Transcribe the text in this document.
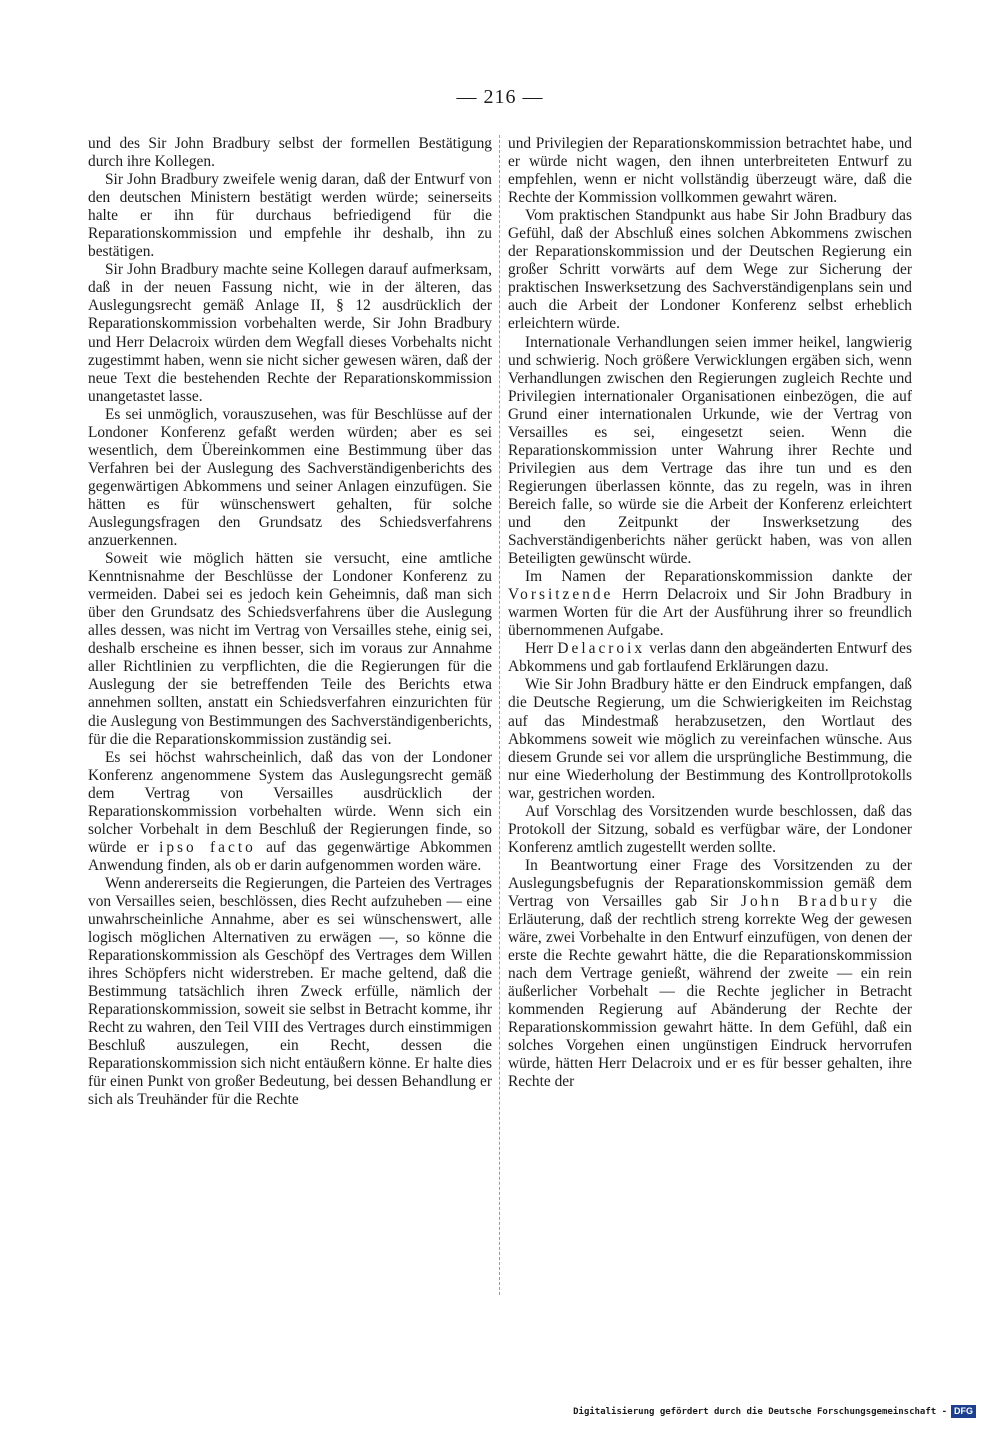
— 216 —

und des Sir John Bradbury selbst der formellen Bestätigung durch ihre Kollegen.

Sir John Bradbury zweifele wenig daran, daß der Entwurf von den deutschen Ministern bestätigt werden würde; seinerseits halte er ihn für durchaus befriedigend für die Reparationskommission und empfehle ihr deshalb, ihn zu bestätigen.

Sir John Bradbury machte seine Kollegen darauf aufmerksam, daß in der neuen Fassung nicht, wie in der älteren, das Auslegungsrecht gemäß Anlage II, § 12 ausdrücklich der Reparationskommission vorbehalten werde, Sir John Bradbury und Herr Delacroix würden dem Wegfall dieses Vorbehalts nicht zugestimmt haben, wenn sie nicht sicher gewesen wären, daß der neue Text die bestehenden Rechte der Reparationskommission unangetastet lasse.

Es sei unmöglich, vorauszusehen, was für Beschlüsse auf der Londoner Konferenz gefaßt werden würden; aber es sei wesentlich, dem Übereinkommen eine Bestimmung über das Verfahren bei der Auslegung des Sachverständigenberichts des gegenwärtigen Abkommens und seiner Anlagen einzufügen. Sie hätten es für wünschenswert gehalten, für solche Auslegungsfragen den Grundsatz des Schiedsverfahrens anzuerkennen.

Soweit wie möglich hätten sie versucht, eine amtliche Kenntnisnahme der Beschlüsse der Londoner Konferenz zu vermeiden. Dabei sei es jedoch kein Geheimnis, daß man sich über den Grundsatz des Schiedsverfahrens über die Auslegung alles dessen, was nicht im Vertrag von Versailles stehe, einig sei, deshalb erscheine es ihnen besser, sich im voraus zur Annahme aller Richtlinien zu verpflichten, die die Regierungen für die Auslegung der sie betreffenden Teile des Berichts etwa annehmen sollten, anstatt ein Schiedsverfahren einzurichten für die Auslegung von Bestimmungen des Sachverständigenberichts, für die die Reparationskommission zuständig sei.

Es sei höchst wahrscheinlich, daß das von der Londoner Konferenz angenommene System das Auslegungsrecht gemäß dem Vertrag von Versailles ausdrücklich der Reparationskommission vorbehalten würde. Wenn sich ein solcher Vorbehalt in dem Beschluß der Regierungen finde, so würde er ipso facto auf das gegenwärtige Abkommen Anwendung finden, als ob er darin aufgenommen worden wäre.

Wenn andererseits die Regierungen, die Parteien des Vertrages von Versailles seien, beschlössen, dies Recht aufzuheben — eine unwahrscheinliche Annahme, aber es sei wünschenswert, alle logisch möglichen Alternativen zu erwägen —, so könne die Reparationskommission als Geschöpf des Vertrages dem Willen ihres Schöpfers nicht widerstreben. Er mache geltend, daß die Bestimmung tatsächlich ihren Zweck erfülle, nämlich der Reparationskommission, soweit sie selbst in Betracht komme, ihr Recht zu wahren, den Teil VIII des Vertrages durch einstimmigen Beschluß auszulegen, ein Recht, dessen die Reparationskommission sich nicht entäußern könne. Er halte dies für einen Punkt von großer Bedeutung, bei dessen Behandlung er sich als Treuhänder für die Rechte

und Privilegien der Reparationskommission betrachtet habe, und er würde nicht wagen, den ihnen unterbreiteten Entwurf zu empfehlen, wenn er nicht vollständig überzeugt wäre, daß die Rechte der Kommission vollkommen gewahrt wären.

Vom praktischen Standpunkt aus habe Sir John Bradbury das Gefühl, daß der Abschluß eines solchen Abkommens zwischen der Reparationskommission und der Deutschen Regierung ein großer Schritt vorwärts auf dem Wege zur Sicherung der praktischen Inswerksetzung des Sachverständigenplans sein und auch die Arbeit der Londoner Konferenz selbst erheblich erleichtern würde.

Internationale Verhandlungen seien immer heikel, langwierig und schwierig. Noch größere Verwicklungen ergäben sich, wenn Verhandlungen zwischen den Regierungen zugleich Rechte und Privilegien internationaler Organisationen einbezögen, die auf Grund einer internationalen Urkunde, wie der Vertrag von Versailles es sei, eingesetzt seien. Wenn die Reparationskommission unter Wahrung ihrer Rechte und Privilegien aus dem Vertrage das ihre tun und es den Regierungen überlassen könnte, das zu regeln, was in ihren Bereich falle, so würde sie die Arbeit der Konferenz erleichtert und den Zeitpunkt der Inswerksetzung des Sachverständigenberichts näher gerückt haben, was von allen Beteiligten gewünscht würde.

Im Namen der Reparationskommission dankte der Vorsitzende Herrn Delacroix und Sir John Bradbury in warmen Worten für die Art der Ausführung ihrer so freundlich übernommenen Aufgabe.

Herr Delacroix verlas dann den abgeänderten Entwurf des Abkommens und gab fortlaufend Erklärungen dazu.

Wie Sir John Bradbury hätte er den Eindruck empfangen, daß die Deutsche Regierung, um die Schwierigkeiten im Reichstag auf das Mindestmaß herabzusetzen, den Wortlaut des Abkommens soweit wie möglich zu vereinfachen wünsche. Aus diesem Grunde sei vor allem die ursprüngliche Bestimmung, die nur eine Wiederholung der Bestimmung des Kontrollprotokolls war, gestrichen worden.

Auf Vorschlag des Vorsitzenden wurde beschlossen, daß das Protokoll der Sitzung, sobald es verfügbar wäre, der Londoner Konferenz amtlich zugestellt werden sollte.

In Beantwortung einer Frage des Vorsitzenden zu der Auslegungsbefugnis der Reparationskommission gemäß dem Vertrag von Versailles gab Sir John Bradbury die Erläuterung, daß der rechtlich streng korrekte Weg der gewesen wäre, zwei Vorbehalte in den Entwurf einzufügen, von denen der erste die Rechte gewahrt hätte, die die Reparationskommission nach dem Vertrage genießt, während der zweite — ein rein äußerlicher Vorbehalt — die Rechte jeglicher in Betracht kommenden Regierung auf Abänderung der Rechte der Reparationskommission gewahrt hätte. In dem Gefühl, daß ein solches Vorgehen einen ungünstigen Eindruck hervorrufen würde, hätten Herr Delacroix und er es für besser gehalten, ihre Rechte der

Digitalisierung gefördert durch die Deutsche Forschungsgemeinschaft - DFG
